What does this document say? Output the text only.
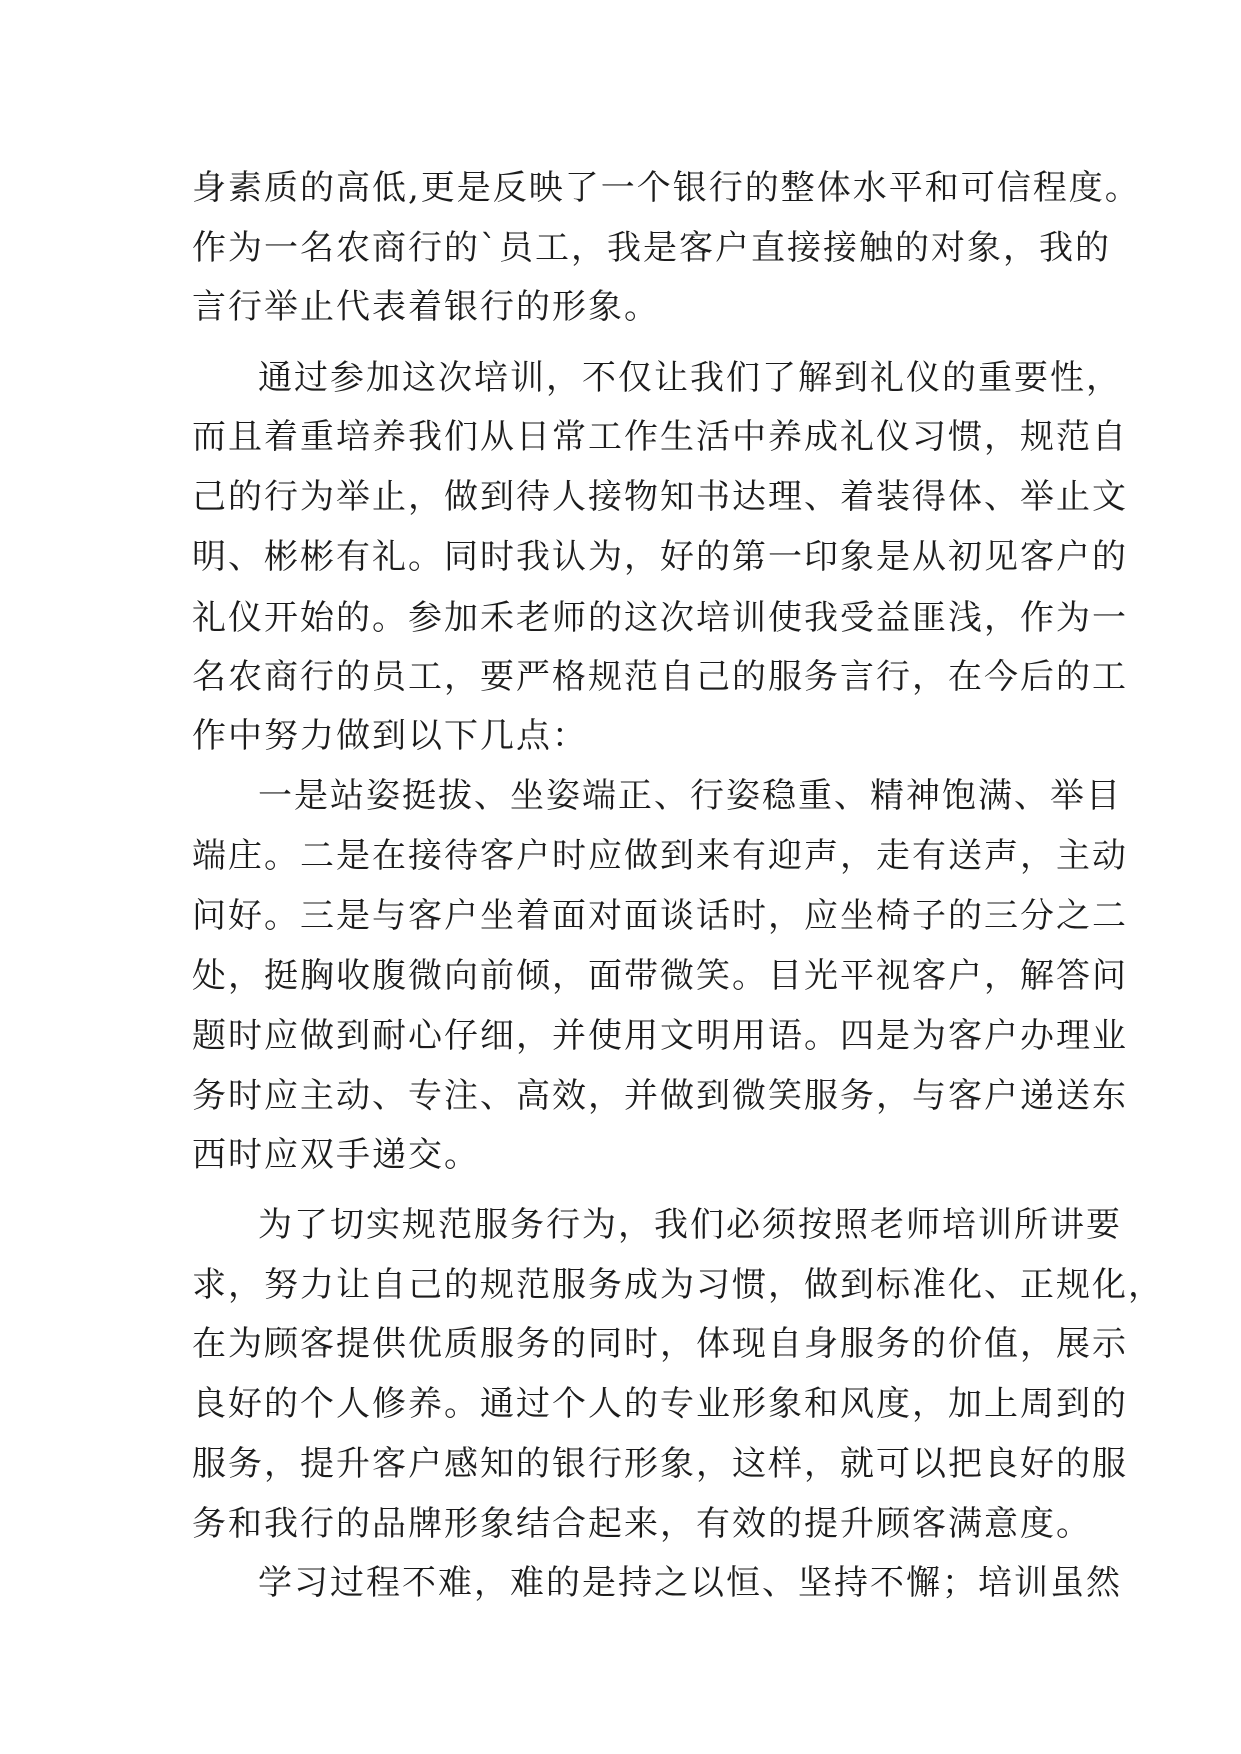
身素质的高低,更是反映了一个银行的整体水平和可信程度。
作为一名农商行的`员工，我是客户直接接触的对象，我的
言行举止代表着银行的形象。
通过参加这次培训，不仅让我们了解到礼仪的重要性，
而且着重培养我们从日常工作生活中养成礼仪习惯，规范自
己的行为举止，做到待人接物知书达理、着装得体、举止文
明、彬彬有礼。同时我认为，好的第一印象是从初见客户的
礼仪开始的。参加禾老师的这次培训使我受益匪浅，作为一
名农商行的员工，要严格规范自己的服务言行，在今后的工
作中努力做到以下几点：
一是站姿挺拔、坐姿端正、行姿稳重、精神饱满、举目
端庄。二是在接待客户时应做到来有迎声，走有送声，主动
问好。三是与客户坐着面对面谈话时，应坐椅子的三分之二
处，挺胸收腹微向前倾，面带微笑。目光平视客户，解答问
题时应做到耐心仔细，并使用文明用语。四是为客户办理业
务时应主动、专注、高效，并做到微笑服务，与客户递送东
西时应双手递交。
为了切实规范服务行为，我们必须按照老师培训所讲要
求，努力让自己的规范服务成为习惯，做到标准化、正规化，
在为顾客提供优质服务的同时，体现自身服务的价值，展示
良好的个人修养。通过个人的专业形象和风度，加上周到的
服务，提升客户感知的银行形象，这样，就可以把良好的服
务和我行的品牌形象结合起来，有效的提升顾客满意度。
学习过程不难，难的是持之以恒、坚持不懈；培训虽然
